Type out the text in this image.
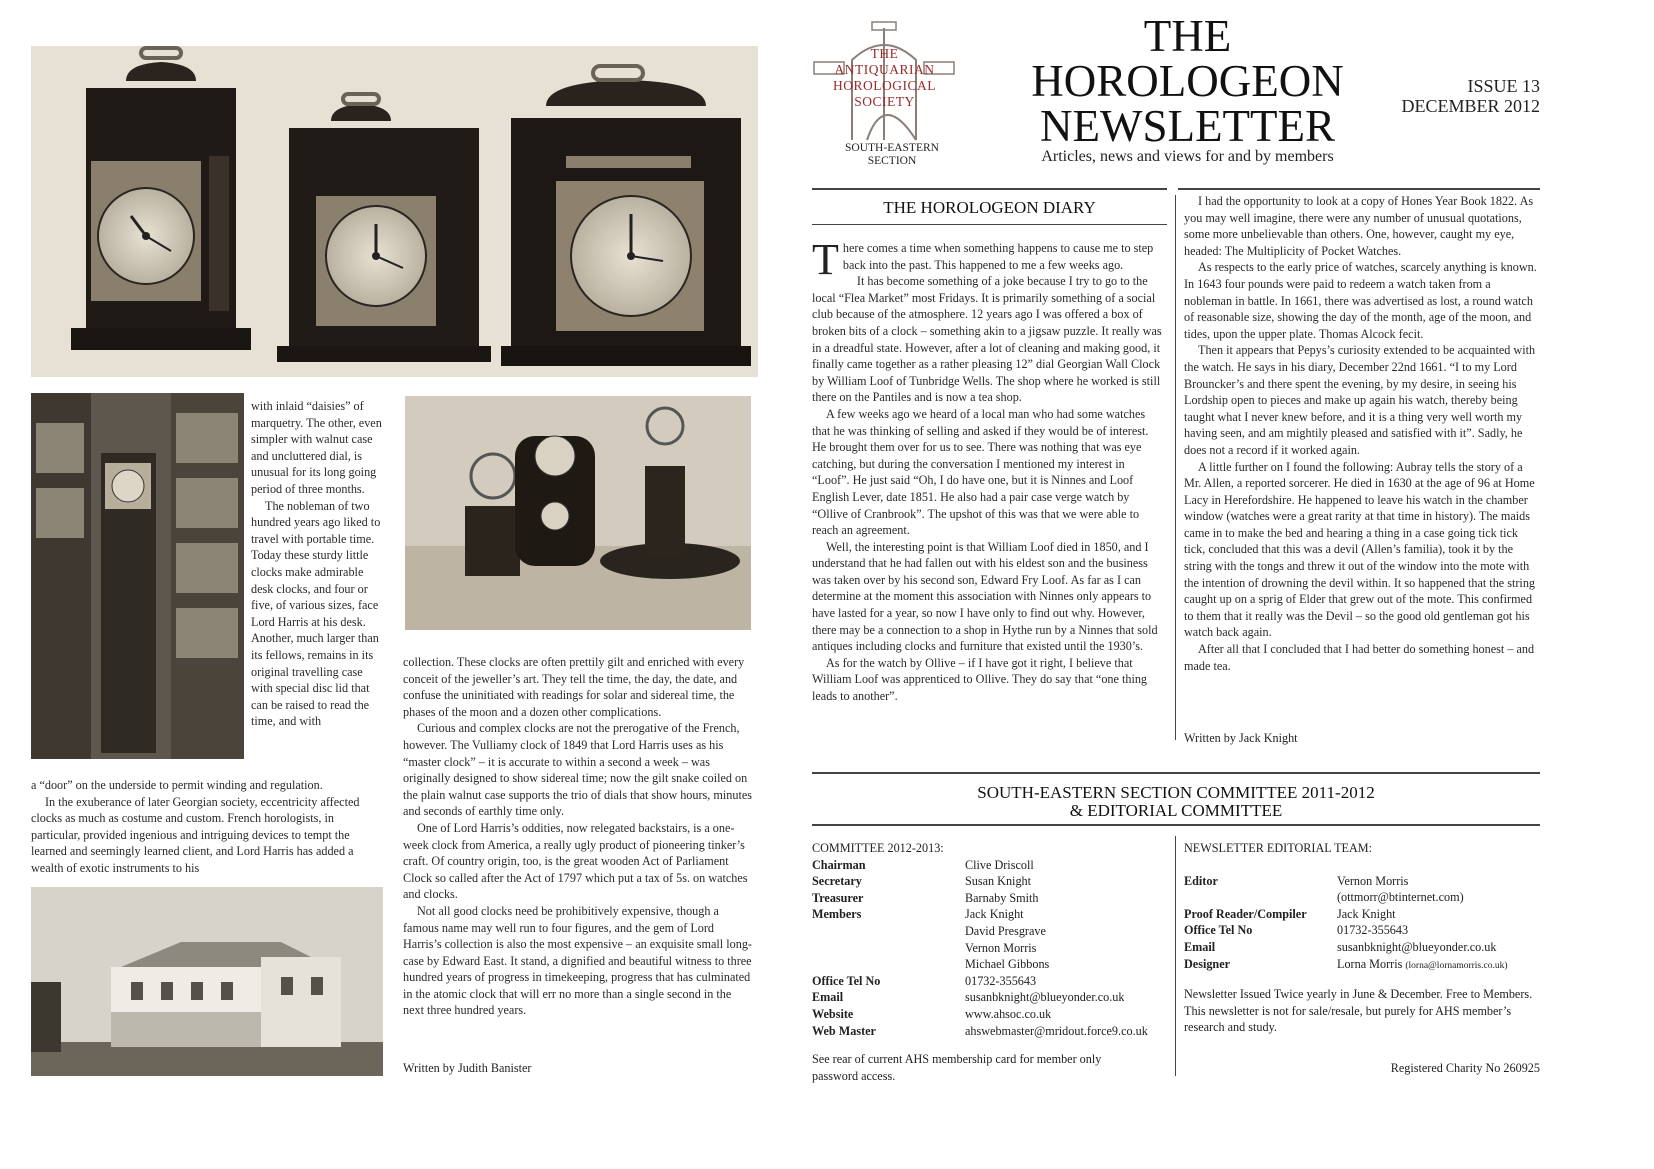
with inlaid “daisies” of marquetry. The other, even simpler with walnut case and uncluttered dial, is unusual for its long going period of three months.

The nobleman of two hundred years ago liked to travel with portable time. Today these sturdy little clocks make admirable desk clocks, and four or five, of various sizes, face Lord Harris at his desk. Another, much larger than its fellows, remains in its original travelling case with special disc lid that can be raised to read the time, and with

a “door” on the underside to permit winding and regulation.

In the exuberance of later Georgian society, eccentricity affected clocks as much as costume and custom. French horologists, in particular, provided ingenious and intriguing devices to tempt the learned and seemingly learned client, and Lord Harris has added a wealth of exotic instruments to his

collection. These clocks are often prettily gilt and enriched with every conceit of the jeweller’s art. They tell the time, the day, the date, and confuse the uninitiated with readings for solar and sidereal time, the phases of the moon and a dozen other complications.

Curious and complex clocks are not the prerogative of the French, however. The Vulliamy clock of 1849 that Lord Harris uses as his “master clock” – it is accurate to within a second a week – was originally designed to show sidereal time; now the gilt snake coiled on the plain walnut case supports the trio of dials that show hours, minutes and seconds of earthly time only.

One of Lord Harris’s oddities, now relegated backstairs, is a one-week clock from America, a really ugly product of pioneering tinker’s craft. Of country origin, too, is the great wooden Act of Parliament Clock so called after the Act of 1797 which put a tax of 5s. on watches and clocks.

Not all good clocks need be prohibitively expensive, though a famous name may well run to four figures, and the gem of Lord Harris’s collection is also the most expensive – an exquisite small long-case by Edward East. It stand, a dignified and beautiful witness to three hundred years of progress in timekeeping, progress that has culminated in the atomic clock that will err no more than a single second in the next three hundred years.

Written by Judith Banister
THE
ANTIQUARIAN
HOROLOGICAL
SOCIETY
SOUTH-EASTERN
SECTION
THE
HOROLOGEON
NEWSLETTER
Articles, news and views for and by members
ISSUE 13
DECEMBER 2012
THE HOROLOGEON DIARY

There comes a time when something happens to cause me to step back into the past. This happened to me a few weeks ago.

It has become something of a joke because I try to go to the local “Flea Market” most Fridays. It is primarily something of a social club because of the atmosphere. 12 years ago I was offered a box of broken bits of a clock – something akin to a jigsaw puzzle. It really was in a dreadful state. However, after a lot of cleaning and making good, it finally came together as a rather pleasing 12” dial Georgian Wall Clock by William Loof of Tunbridge Wells. The shop where he worked is still there on the Pantiles and is now a tea shop.

A few weeks ago we heard of a local man who had some watches that he was thinking of selling and asked if they would be of interest. He brought them over for us to see. There was nothing that was eye catching, but during the conversation I mentioned my interest in “Loof”. He just said “Oh, I do have one, but it is Ninnes and Loof English Lever, date 1851. He also had a pair case verge watch by “Ollive of Cranbrook”. The upshot of this was that we were able to reach an agreement.

Well, the interesting point is that William Loof died in 1850, and I understand that he had fallen out with his eldest son and the business was taken over by his second son, Edward Fry Loof. As far as I can determine at the moment this association with Ninnes only appears to have lasted for a year, so now I have only to find out why. However, there may be a connection to a shop in Hythe run by a Ninnes that sold antiques including clocks and furniture that existed until the 1930’s.

As for the watch by Ollive – if I have got it right, I believe that William Loof was apprenticed to Ollive. They do say that “one thing leads to another”.

I had the opportunity to look at a copy of Hones Year Book 1822. As you may well imagine, there were any number of unusual quotations, some more unbelievable than others. One, however, caught my eye, headed: The Multiplicity of Pocket Watches.

As respects to the early price of watches, scarcely anything is known. In 1643 four pounds were paid to redeem a watch taken from a nobleman in battle. In 1661, there was advertised as lost, a round watch of reasonable size, showing the day of the month, age of the moon, and tides, upon the upper plate. Thomas Alcock fecit.

Then it appears that Pepys’s curiosity extended to be acquainted with the watch. He says in his diary, December 22nd 1661. “I to my Lord Brouncker’s and there spent the evening, by my desire, in seeing his Lordship open to pieces and make up again his watch, thereby being taught what I never knew before, and it is a thing very well worth my having seen, and am mightily pleased and satisfied with it”. Sadly, he does not a record if it worked again.

A little further on I found the following: Aubray tells the story of a Mr. Allen, a reported sorcerer. He died in 1630 at the age of 96 at Home Lacy in Herefordshire. He happened to leave his watch in the chamber window (watches were a great rarity at that time in history). The maids came in to make the bed and hearing a thing in a case going tick tick tick, concluded that this was a devil (Allen’s familia), took it by the string with the tongs and threw it out of the window into the mote with the intention of drowning the devil within. It so happened that the string caught up on a sprig of Elder that grew out of the mote. This confirmed to them that it really was the Devil – so the good old gentleman got his watch back again.

After all that I concluded that I had better do something honest – and made tea.

Written by Jack Knight
SOUTH-EASTERN SECTION COMMITTEE 2011-2012
& EDITORIAL COMMITTEE
COMMITTEE 2012-2013:
Chairman	Clive Driscoll
Secretary	Susan Knight
Treasurer	Barnaby Smith
Members	Jack Knight
	David Presgrave
	Vernon Morris
	Michael Gibbons
Office Tel No	01732-355643
Email	susanbknight@blueyonder.co.uk
Website	www.ahsoc.co.uk
Web Master	ahswebmaster@mridout.force9.co.uk
See rear of current AHS membership card for member only password access.
NEWSLETTER EDITORIAL TEAM:
Editor	Vernon Morris
	(ottmorr@btinternet.com)
Proof Reader/Compiler	Jack Knight
Office Tel No	01732-355643
Email	susanbknight@blueyonder.co.uk
Designer	Lorna Morris (lorna@lornamorris.co.uk)
Newsletter Issued Twice yearly in June & December. Free to Members. This newsletter is not for sale/resale, but purely for AHS member’s research and study.
Registered Charity No 260925
